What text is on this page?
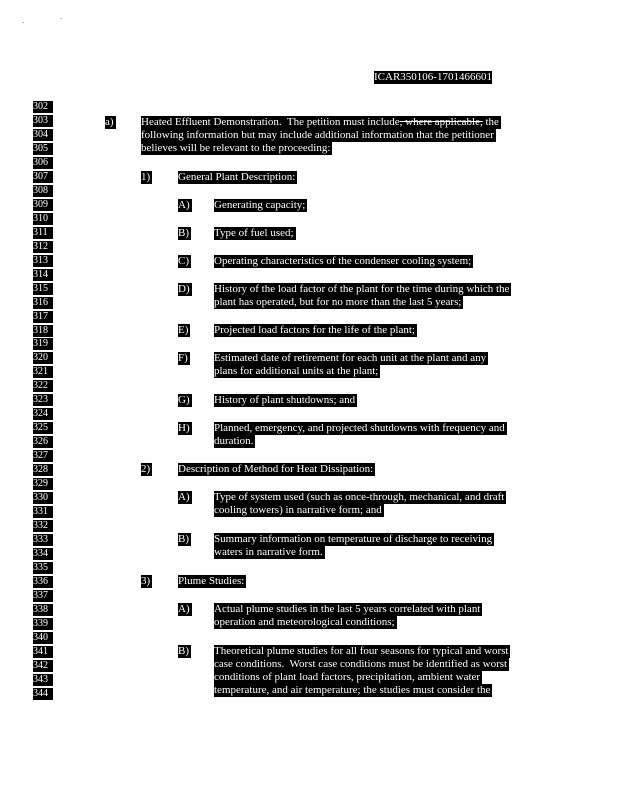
ICAR350106-1701466601
302
303
304
305
306
307
308
309
310
311
312
313
314
315
316
317
318
319
320
321
322
323
324
325
326
327
328
329
330
331
332
333
334
335
336
337
338
339
340
341
342
343
344
a) Heated Effluent Demonstration.  The petition must include, where applicable, the
following information but may include additional information that the petitioner
believes will be relevant to the proceeding:
1)	General Plant Description:
A) Generating capacity;
B) Type of fuel used;
C) Operating characteristics of the condenser cooling system;
D) History of the load factor of the plant for the time during which the
plant has operated, but for no more than the last 5 years;
E) Projected load factors for the life of the plant;
F) Estimated date of retirement for each unit at the plant and any
plans for additional units at the plant;
G) History of plant shutdowns; and
H) Planned, emergency, and projected shutdowns with frequency and
duration.
2)	Description of Method for Heat Dissipation:
A) Type of system used (such as once-through, mechanical, and draft
cooling towers) in narrative form; and
B) Summary information on temperature of discharge to receiving
waters in narrative form.
3)	Plume Studies:
A) Actual plume studies in the last 5 years correlated with plant
operation and meteorological conditions;
B) Theoretical plume studies for all four seasons for typical and worst
case conditions.  Worst case conditions must be identified as worst
conditions of plant load factors, precipitation, ambient water
temperature, and air temperature; the studies must consider the
